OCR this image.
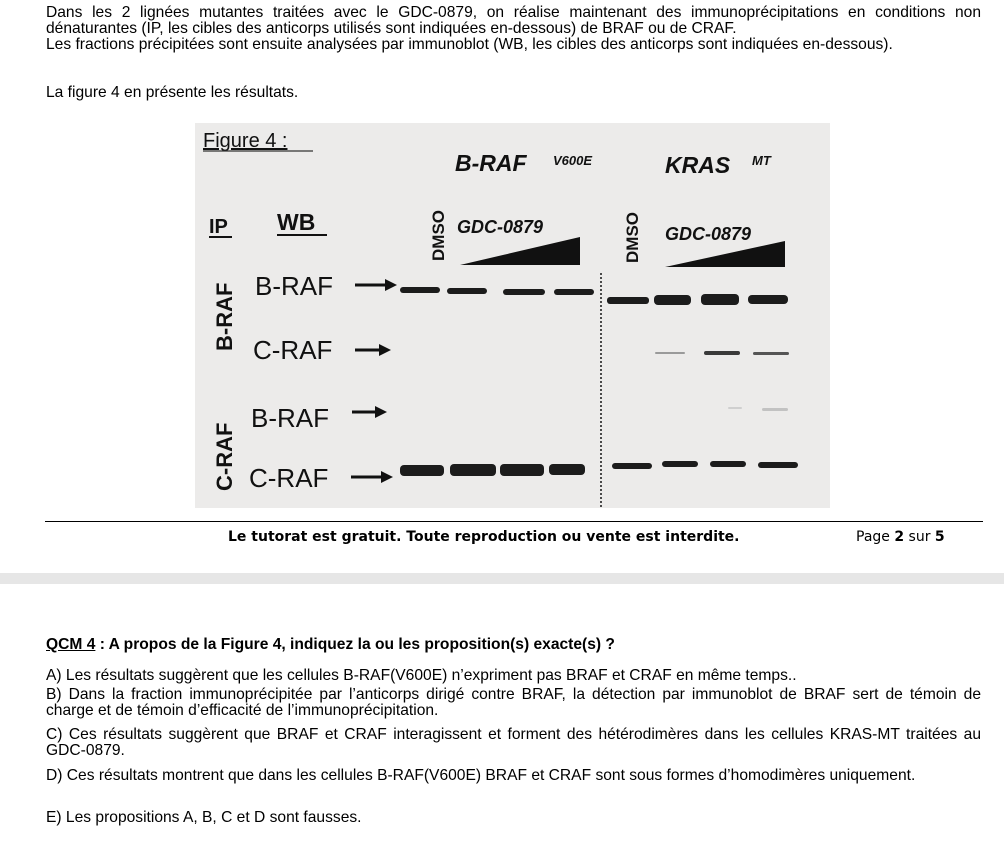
Dans les 2 lignées mutantes traitées avec le GDC-0879, on réalise maintenant des immunoprécipitations en conditions non dénaturantes (IP, les cibles des anticorps utilisés sont indiquées en-dessous) de BRAF ou de CRAF.

Les fractions précipitées sont ensuite analysées par immunoblot (WB, les cibles des anticorps sont indiquées en-dessous).

La figure 4 en présente les résultats.

Figure 4 :
B-RAF V600E	KRAS MT
IP WB	DMSO GDC-0879	DMSO GDC-0879
B-RAF
C-RAF
B-RAF
C-RAF
B-RAF
C-RAF
Le tutorat est gratuit. Toute reproduction ou vente est interdite.	Page 2 sur 5
QCM 4 : A propos de la Figure 4, indiquez la ou les proposition(s) exacte(s) ?

A) Les résultats suggèrent que les cellules B-RAF(V600E) n’expriment pas BRAF et CRAF en même temps..

B) Dans la fraction immunoprécipitée par l’anticorps dirigé contre BRAF, la détection par immunoblot de BRAF sert de témoin de charge et de témoin d’efficacité de l’immunoprécipitation.

C) Ces résultats suggèrent que BRAF et CRAF interagissent et forment des hétérodimères dans les cellules KRAS-MT traitées au GDC-0879.

D) Ces résultats montrent que dans les cellules B-RAF(V600E) BRAF et CRAF sont sous formes d’homodimères uniquement.

E) Les propositions A, B, C et D sont fausses.
